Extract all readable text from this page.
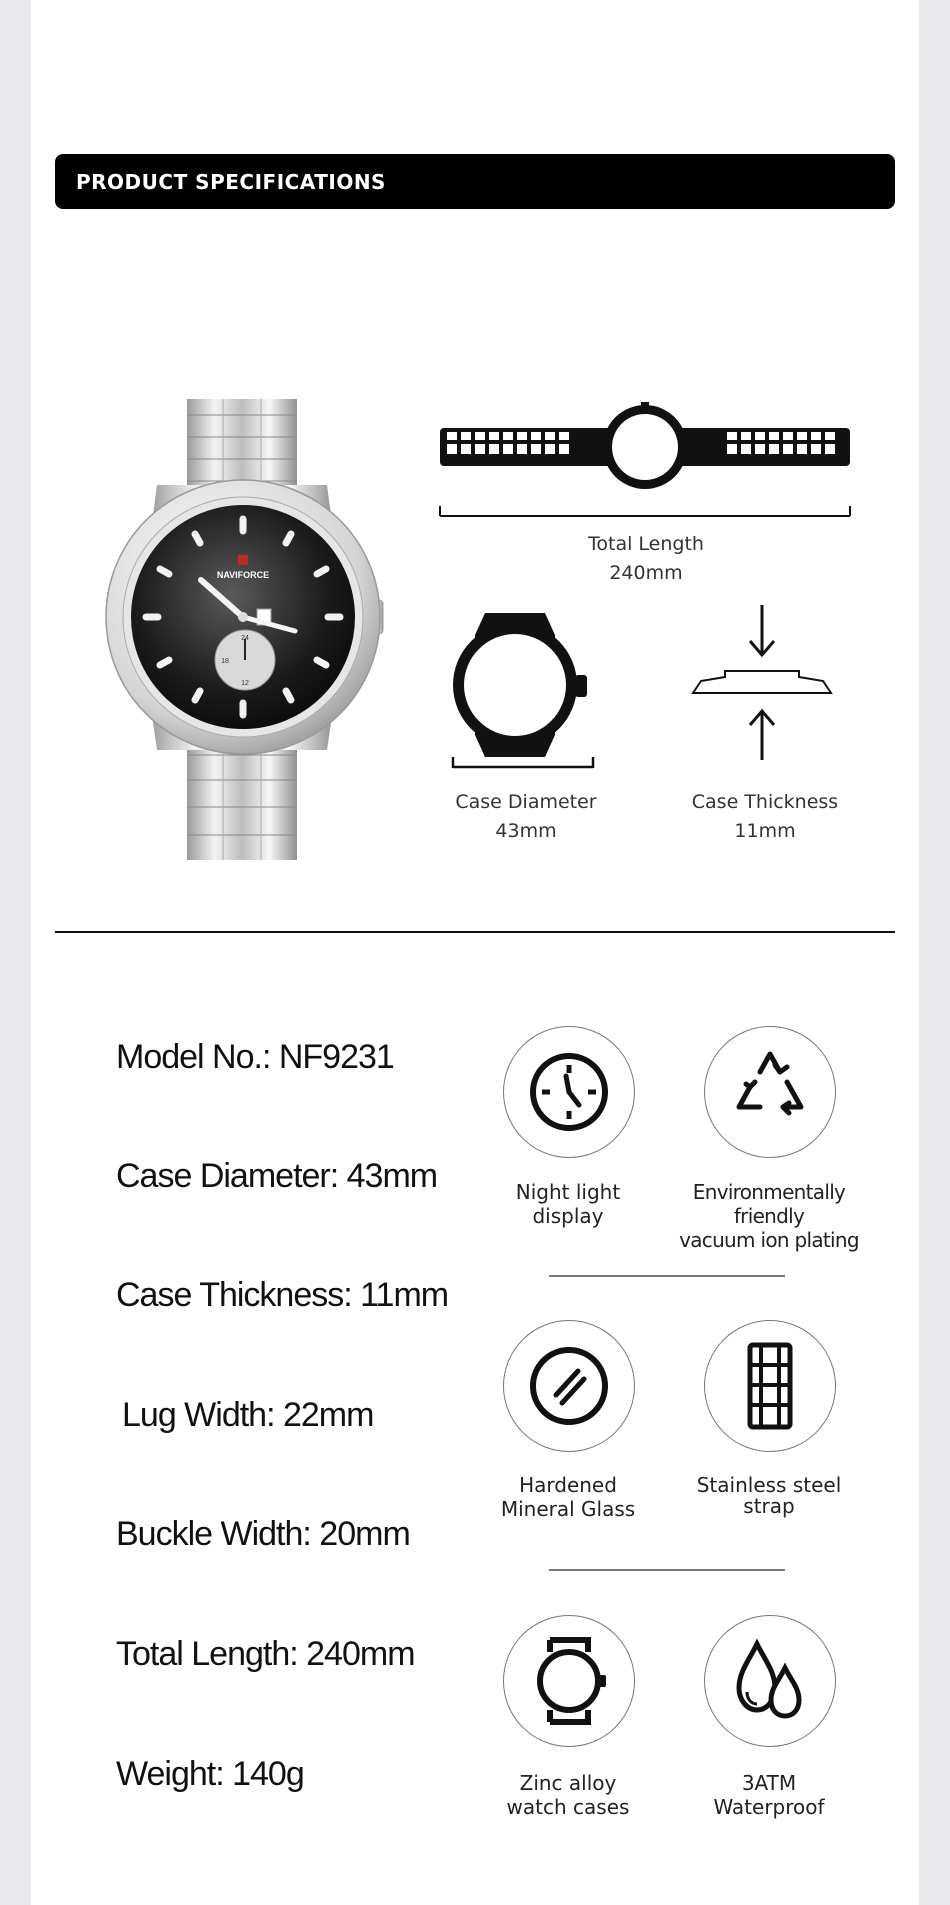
PRODUCT SPECIFICATIONS
NAVIFORCE
24
18
12
Total Length
240mm
Case Diameter
43mm
Case Thickness
11mm
Model No.: NF9231
Case Diameter: 43mm
Case Thickness: 11mm
Lug Width: 22mm
Buckle Width: 20mm
Total Length: 240mm
Weight: 140g
Night light
display
Environmentally friendly
vacuum ion plating
Hardened
Mineral Glass
Stainless steel
strap
Zinc alloy
watch cases
3ATM
Waterproof
